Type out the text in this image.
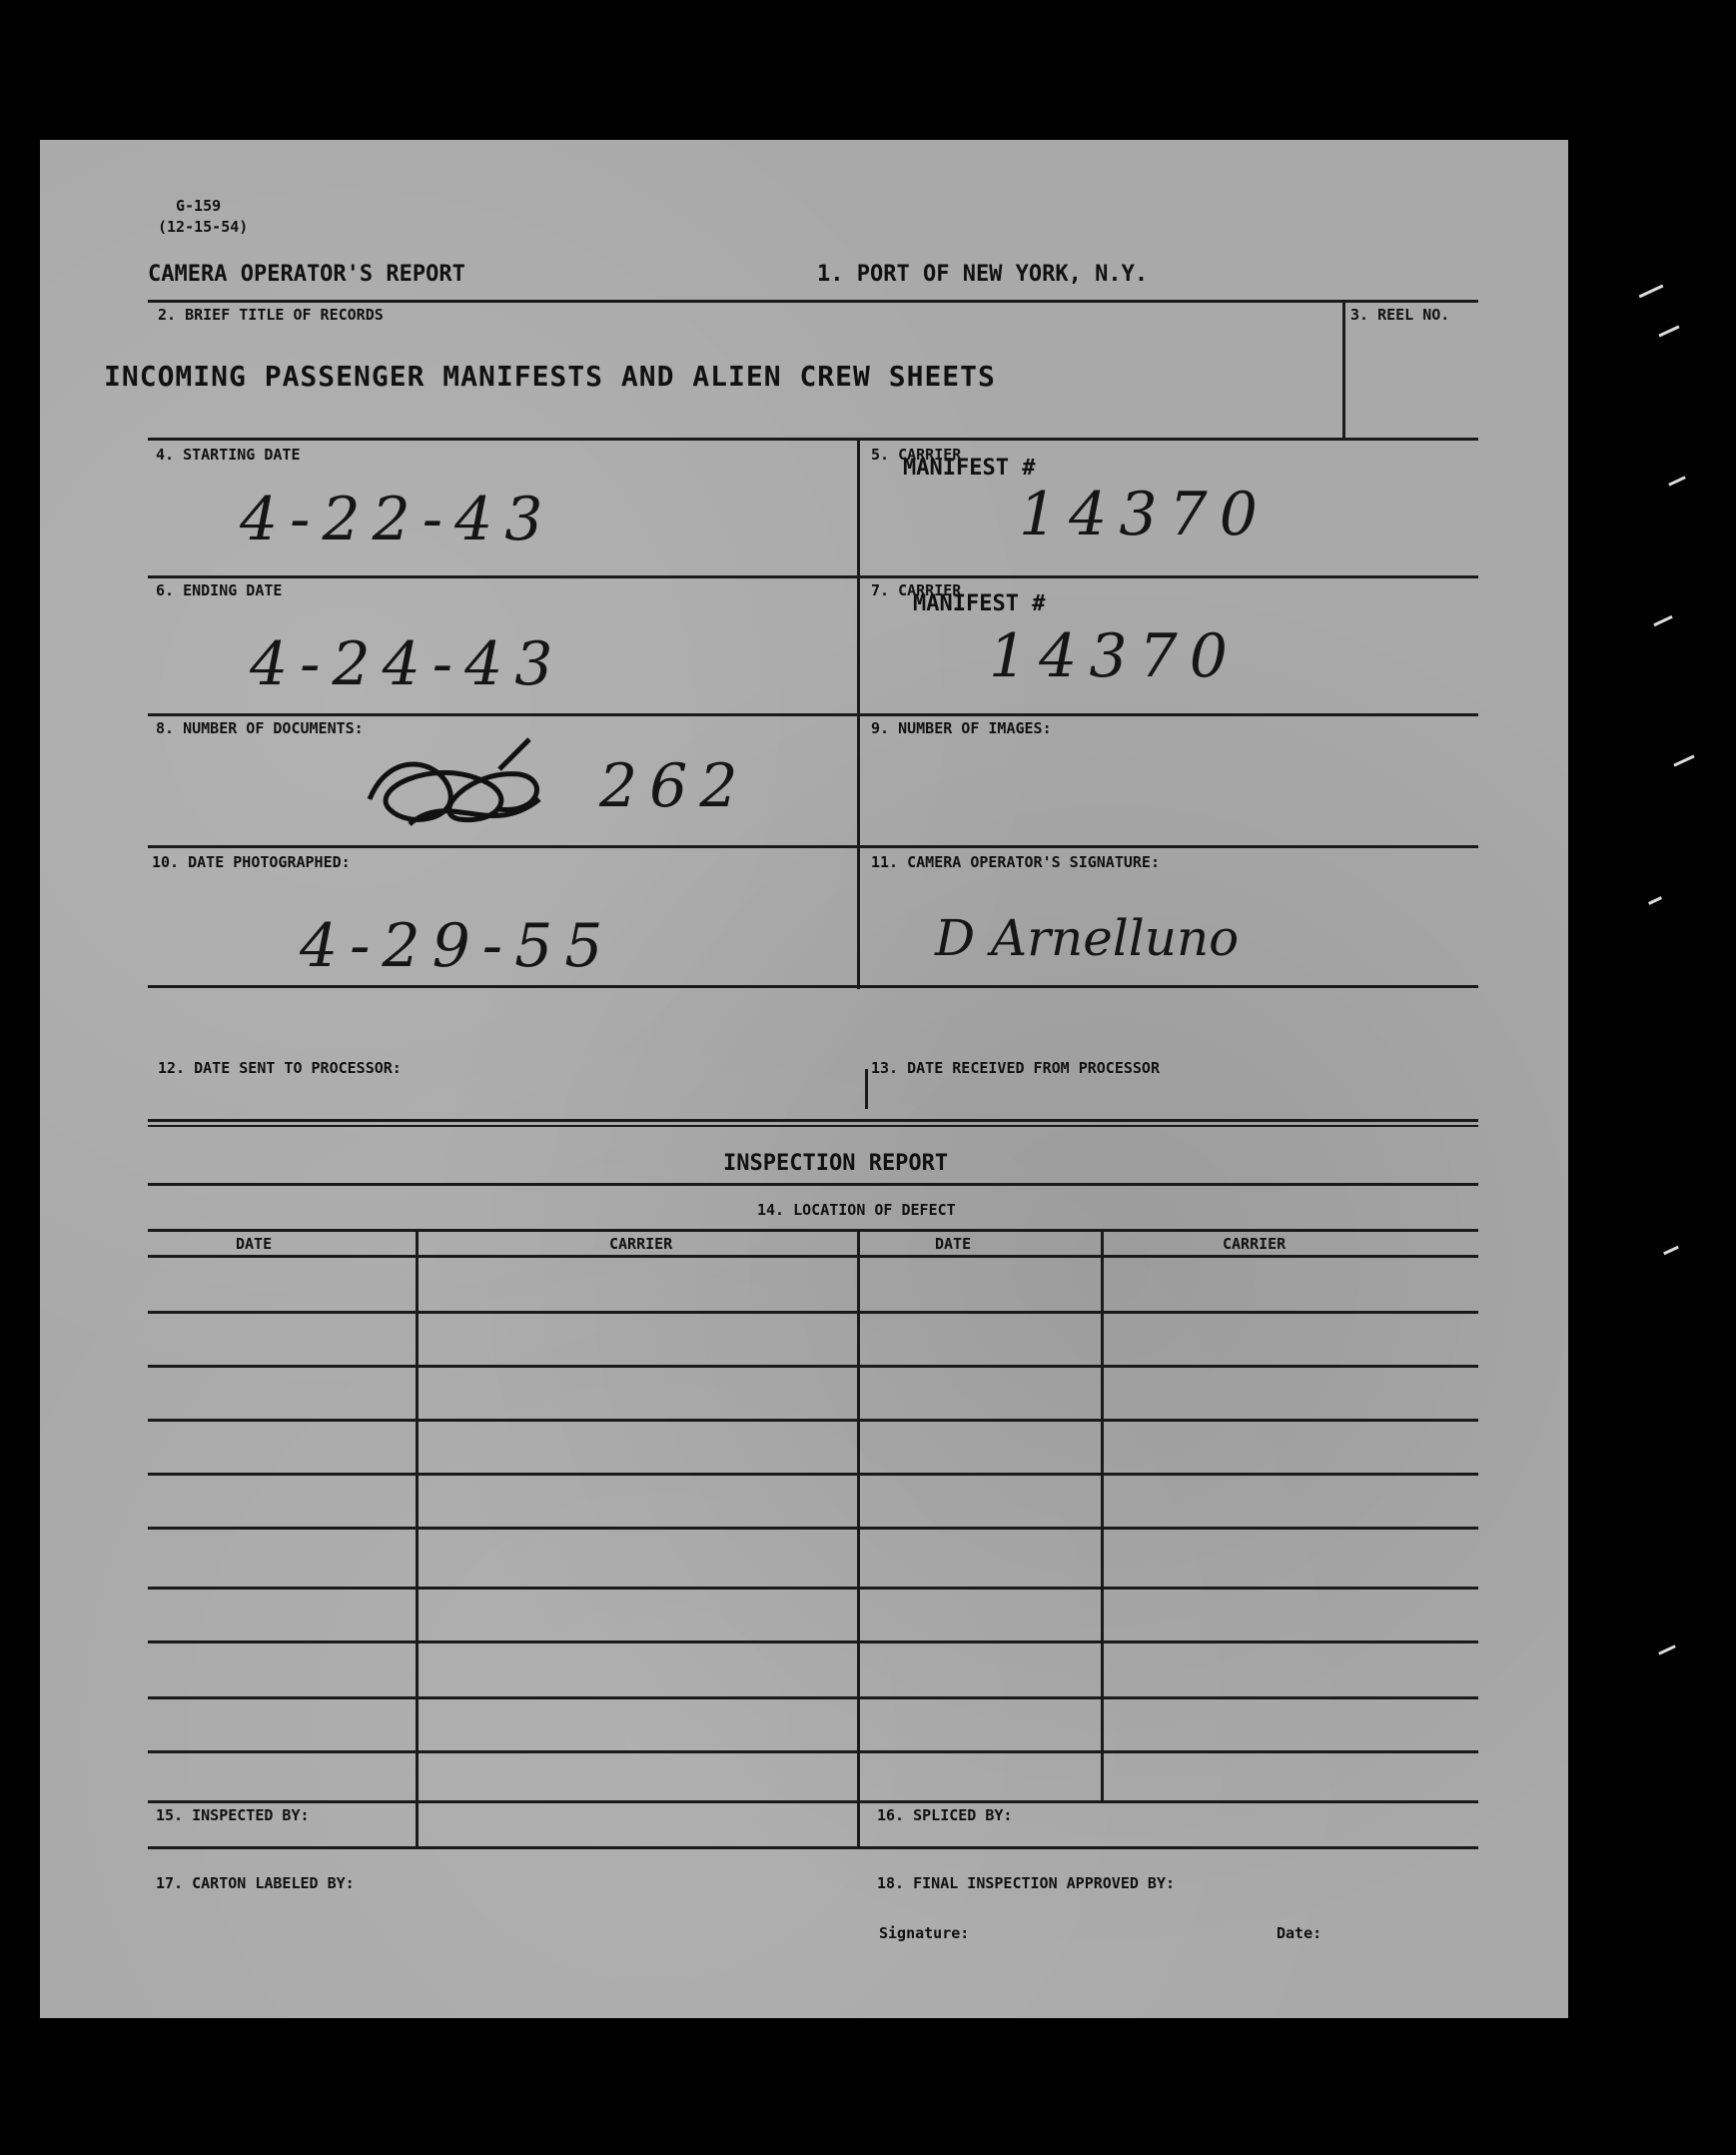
G-159
(12-15-54)
CAMERA OPERATOR'S REPORT	1. PORT OF NEW YORK, N.Y.
2. BRIEF TITLE OF RECORDS
INCOMING PASSENGER MANIFESTS AND ALIEN CREW SHEETS
3. REEL NO.
4. STARTING DATE
4-22-43
5. CARRIER
MANIFEST #
14370
6. ENDING DATE
4-24-43
7. CARRIER
MANIFEST #
14370
8. NUMBER OF DOCUMENTS:
262
9. NUMBER OF IMAGES:
10. DATE PHOTOGRAPHED:
4-29-55
11. CAMERA OPERATOR'S SIGNATURE:
D Arnelluno
12. DATE SENT TO PROCESSOR:	13. DATE RECEIVED FROM PROCESSOR
INSPECTION REPORT
14. LOCATION OF DEFECT
DATE	CARRIER	DATE	CARRIER
15. INSPECTED BY:	16. SPLICED BY:
17. CARTON LABELED BY:	18. FINAL INSPECTION APPROVED BY:
Signature:	Date:
